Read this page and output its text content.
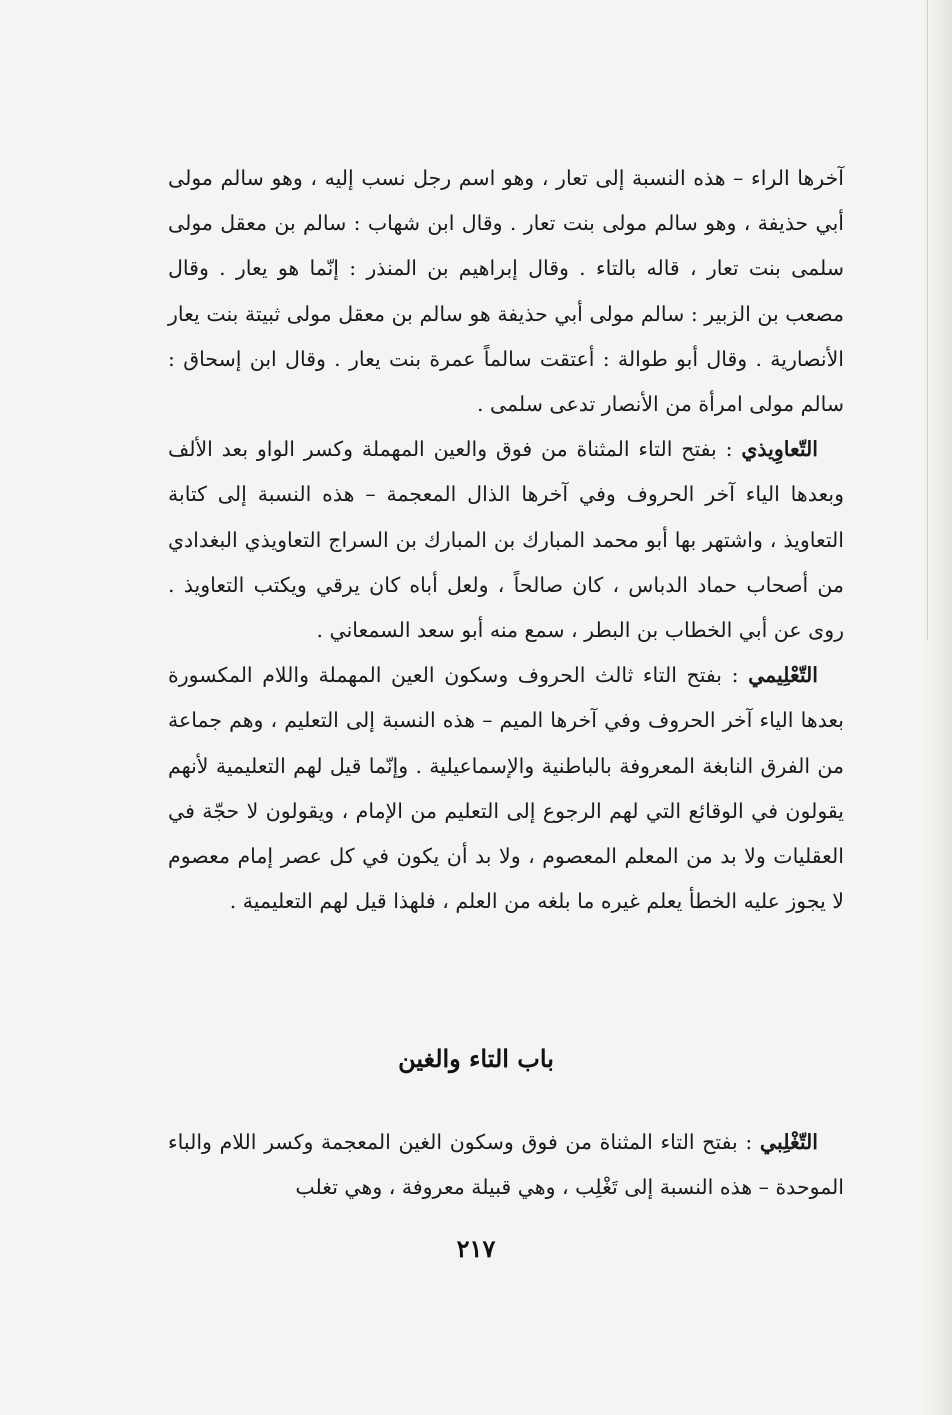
آخرها الراء – هذه النسبة إلى تعار ، وهو اسم رجل نسب إليه ، وهو سالم مولى أبي حذيفة ، وهو سالم مولى بنت تعار . وقال ابن شهاب : سالم بن معقل مولى سلمى بنت تعار ، قاله بالتاء . وقال إبراهيم بن المنذر : إنّما هو يعار . وقال مصعب بن الزبير : سالم مولى أبي حذيفة هو سالم بن معقل مولى ثبيتة بنت يعار الأنصارية . وقال أبو طوالة : أعتقت سالماً عمرة بنت يعار . وقال ابن إسحاق : سالم مولى امرأة من الأنصار تدعى سلمى .

التّعاوِيذي : بفتح التاء المثناة من فوق والعين المهملة وكسر الواو بعد الألف وبعدها الياء آخر الحروف وفي آخرها الذال المعجمة – هذه النسبة إلى كتابة التعاويذ ، واشتهر بها أبو محمد المبارك بن المبارك بن السراج التعاويذي البغدادي من أصحاب حماد الدباس ، كان صالحاً ، ولعل أباه كان يرقي ويكتب التعاويذ . روى عن أبي الخطاب بن البطر ، سمع منه أبو سعد السمعاني .

التّعْلِيمي : بفتح التاء ثالث الحروف وسكون العين المهملة واللام المكسورة بعدها الياء آخر الحروف وفي آخرها الميم – هذه النسبة إلى التعليم ، وهم جماعة من الفرق النابغة المعروفة بالباطنية والإسماعيلية . وإنّما قيل لهم التعليمية لأنهم يقولون في الوقائع التي لهم الرجوع إلى التعليم من الإمام ، ويقولون لا حجّة في العقليات ولا بد من المعلم المعصوم ، ولا بد أن يكون في كل عصر إمام معصوم لا يجوز عليه الخطأ يعلم غيره ما بلغه من العلم ، فلهذا قيل لهم التعليمية .

باب التاء والغين

التّغْلِبي : بفتح التاء المثناة من فوق وسكون الغين المعجمة وكسر اللام والباء الموحدة – هذه النسبة إلى تَغْلِب ، وهي قبيلة معروفة ، وهي تغلب

٢١٧
